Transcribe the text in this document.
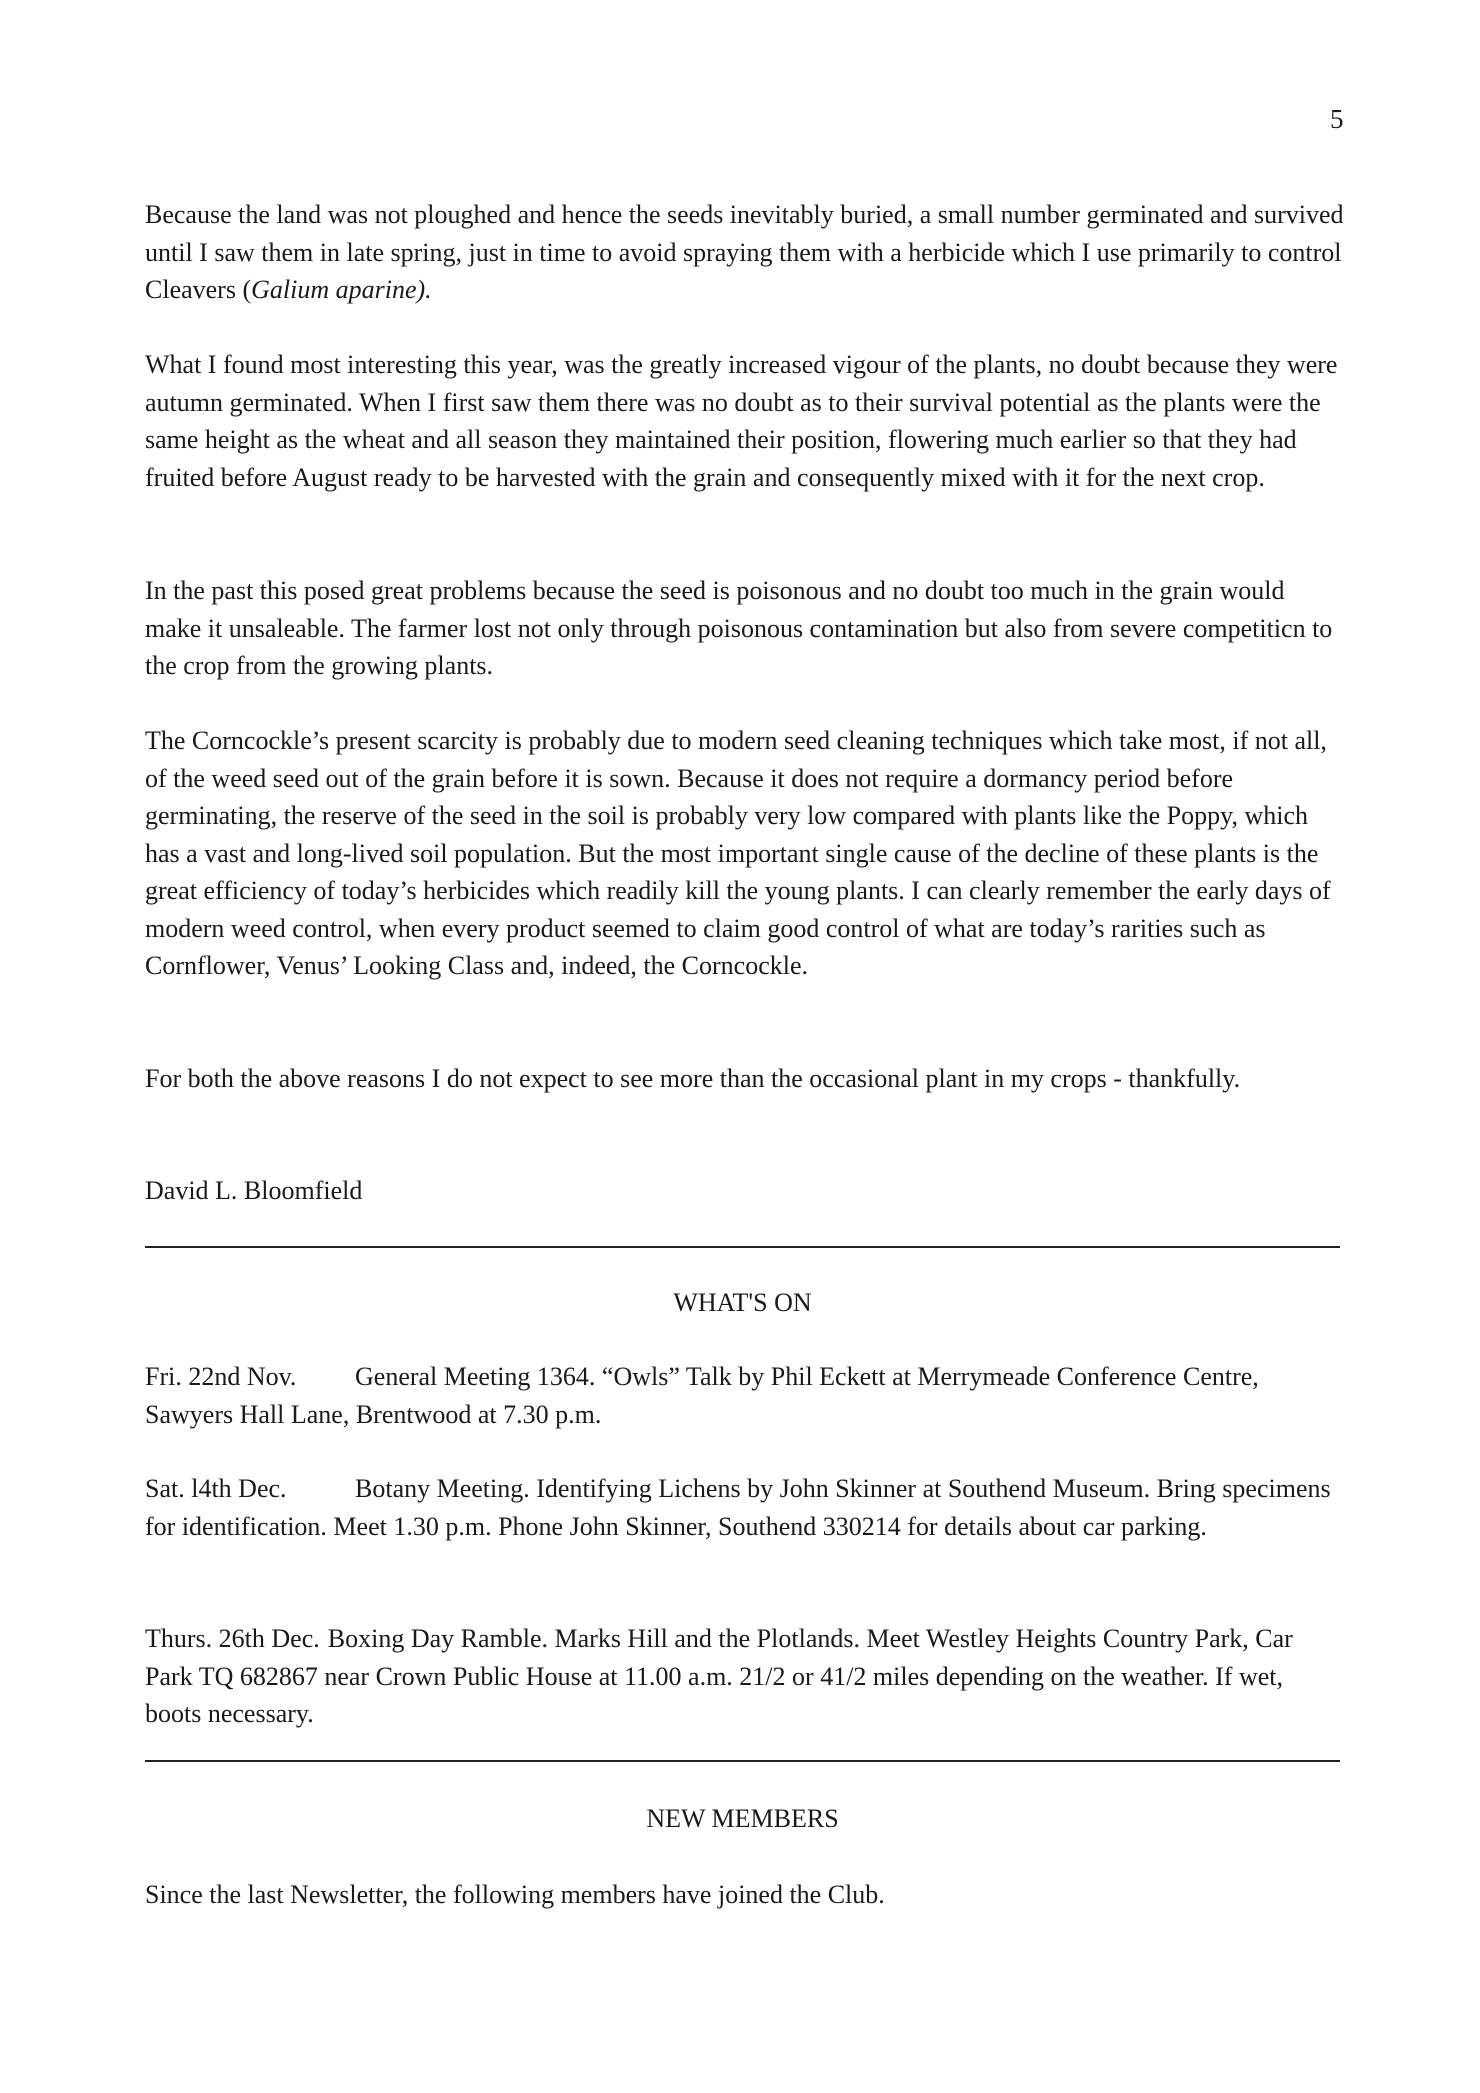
5

Because the land was not ploughed and hence the seeds inevitably buried, a small number germinated and survived until I saw them in late spring, just in time to avoid spraying them with a herbicide which I use primarily to control Cleavers (Galium aparine).

What I found most interesting this year, was the greatly increased vigour of the plants, no doubt because they were autumn germinated. When I first saw them there was no doubt as to their survival potential as the plants were the same height as the wheat and all season they maintained their position, flowering much earlier so that they had fruited before August ready to be harvested with the grain and consequently mixed with it for the next crop.

In the past this posed great problems because the seed is poisonous and no doubt too much in the grain would make it unsaleable. The farmer lost not only through poisonous contamination but also from severe competiticn to the crop from the growing plants.

The Corncockle’s present scarcity is probably due to modern seed cleaning techniques which take most, if not all, of the weed seed out of the grain before it is sown. Because it does not require a dormancy period before germinating, the reserve of the seed in the soil is probably very low compared with plants like the Poppy, which has a vast and long-lived soil population. But the most important single cause of the decline of these plants is the great efficiency of today’s herbicides which readily kill the young plants. I can clearly remember the early days of modern weed control, when every product seemed to claim good control of what are today’s rarities such as Cornflower, Venus’ Looking Class and, indeed, the Corncockle.

For both the above reasons I do not expect to see more than the occasional plant in my crops - thankfully.

David L. Bloomfield

WHAT'S ON
Fri. 22nd Nov. General Meeting 1364. “Owls” Talk by Phil Eckett at Merrymeade Conference Centre, Sawyers Hall Lane, Brentwood at 7.30 p.m.
Sat. l4th Dec.	Botany Meeting. Identifying Lichens by John Skinner at Southend Museum. Bring specimens for identification. Meet 1.30 p.m. Phone John Skinner, Southend 330214 for details about car parking.
Thurs. 26th Dec. Boxing Day Ramble. Marks Hill and the Plotlands. Meet Westley Heights Country Park, Car Park TQ 682867 near Crown Public House at 11.00 a.m. 21/2 or 41/2 miles depending on the weather. If wet, boots necessary.
NEW MEMBERS

Since the last Newsletter, the following members have joined the Club.
